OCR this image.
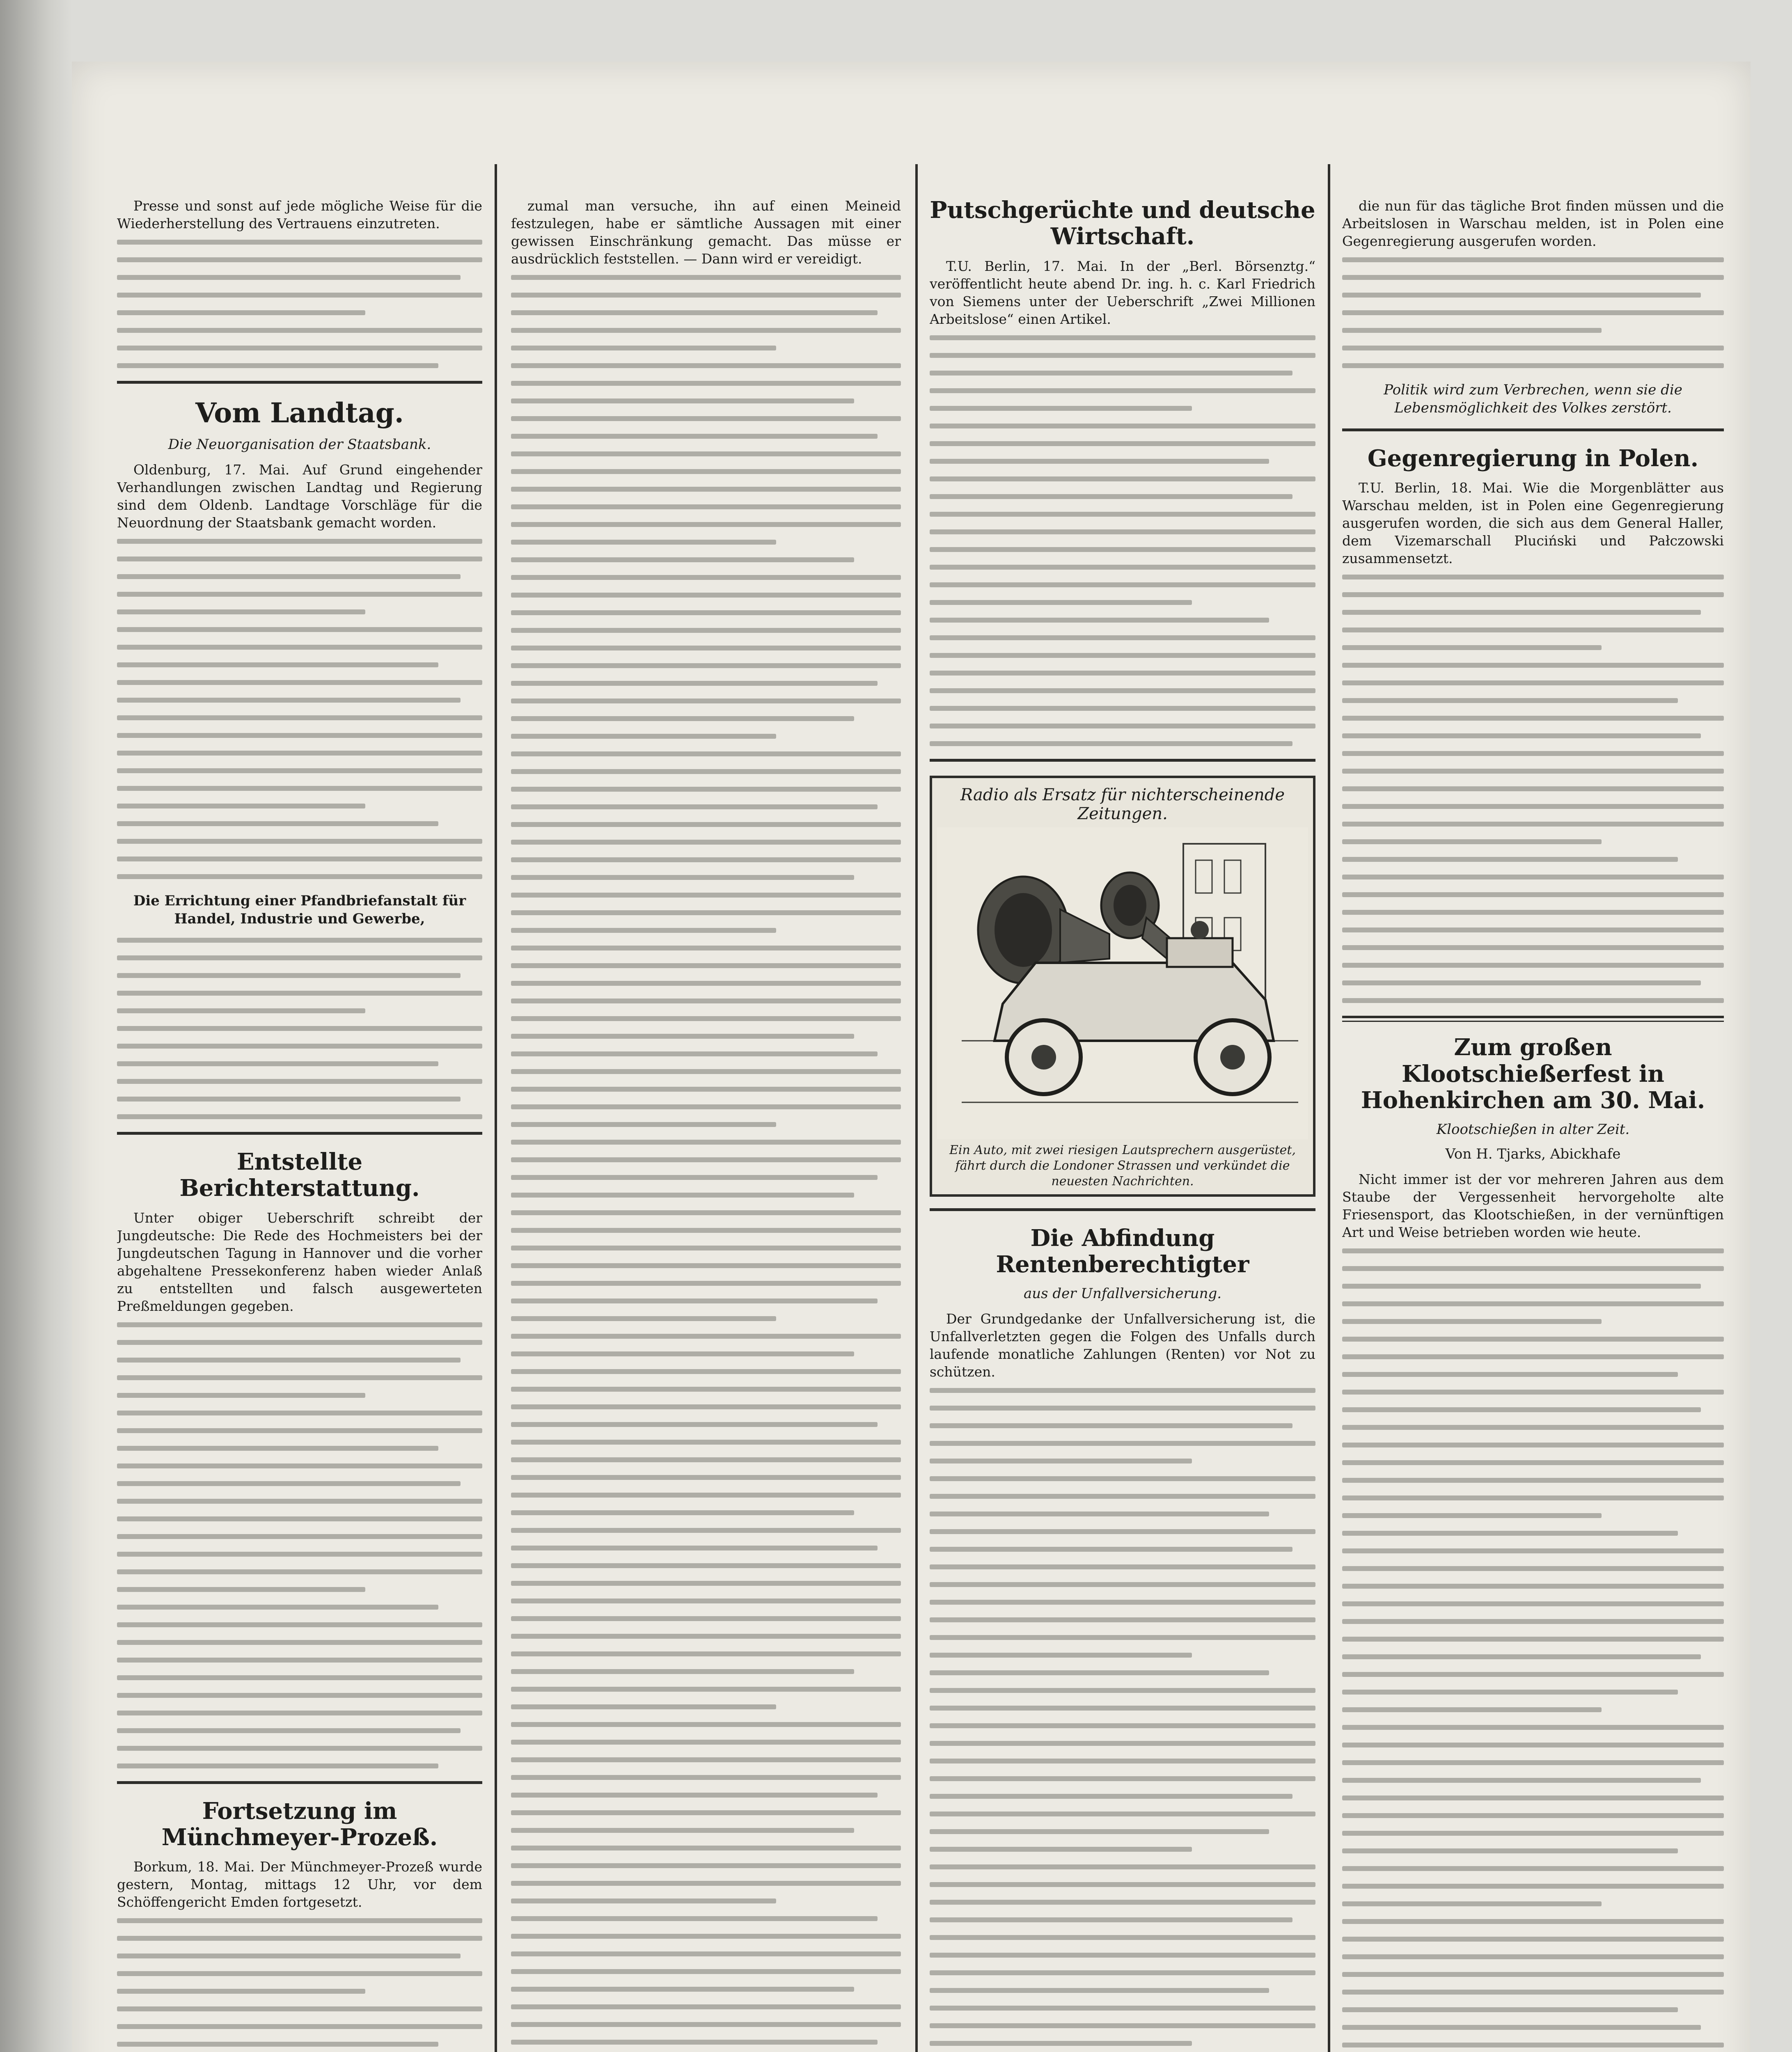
Presse und sonst auf jede mögliche Weise für die Wiederherstellung des Vertrauens einzutreten.

Vom Landtag.

Die Neuorganisation der Staatsbank.

Oldenburg, 17. Mai. Auf Grund eingehender Verhandlungen zwischen Landtag und Regierung sind dem Oldenb. Landtage Vorschläge für die Neuordnung der Staatsbank gemacht worden.

Die Errichtung einer Pfandbriefanstalt für Handel, Industrie und Gewerbe,

Entstellte Berichterstattung.

Unter obiger Ueberschrift schreibt der Jungdeutsche: Die Rede des Hochmeisters bei der Jungdeutschen Tagung in Hannover und die vorher abgehaltene Pressekonferenz haben wieder Anlaß zu entstellten und falsch ausgewerteten Preßmeldungen gegeben.

Fortsetzung im Münchmeyer-Prozeß.

Borkum, 18. Mai. Der Münchmeyer-Prozeß wurde gestern, Montag, mittags 12 Uhr, vor dem Schöffengericht Emden fortgesetzt.

zumal man versuche, ihn auf einen Meineid festzulegen, habe er sämtliche Aussagen mit einer gewissen Einschränkung gemacht. Das müsse er ausdrücklich feststellen. — Dann wird er vereidigt.

Putschgerüchte und deutsche Wirtschaft.

T.U. Berlin, 17. Mai. In der „Berl. Börsenztg.“ veröffentlicht heute abend Dr. ing. h. c. Karl Friedrich von Siemens unter der Ueberschrift „Zwei Millionen Arbeitslose“ einen Artikel.

Radio als Ersatz für nichterscheinende Zeitungen.

Ein Auto, mit zwei riesigen Lautsprechern ausgerüstet, fährt durch die Londoner Strassen und verkündet die neuesten Nachrichten.

Die Abfindung Rentenberechtigter

aus der Unfallversicherung.

Der Grundgedanke der Unfallversicherung ist, die Unfallverletzten gegen die Folgen des Unfalls durch laufende monatliche Zahlungen (Renten) vor Not zu schützen.

die nun für das tägliche Brot finden müssen und die Arbeitslosen in Warschau melden, ist in Polen eine Gegenregierung ausgerufen worden.

Politik wird zum Verbrechen, wenn sie die Lebensmöglichkeit des Volkes zerstört.

Gegenregierung in Polen.

T.U. Berlin, 18. Mai. Wie die Morgenblätter aus Warschau melden, ist in Polen eine Gegenregierung ausgerufen worden, die sich aus dem General Haller, dem Vizemarschall Pluciński und Pałczowski zusammensetzt.

Zum großen Klootschießerfest in Hohenkirchen am 30. Mai.

Klootschießen in alter Zeit.

Von H. Tjarks, Abickhafe

Nicht immer ist der vor mehreren Jahren aus dem Staube der Vergessenheit hervorgeholte alte Friesensport, das Klootschießen, in der vernünftigen Art und Weise betrieben worden wie heute.
